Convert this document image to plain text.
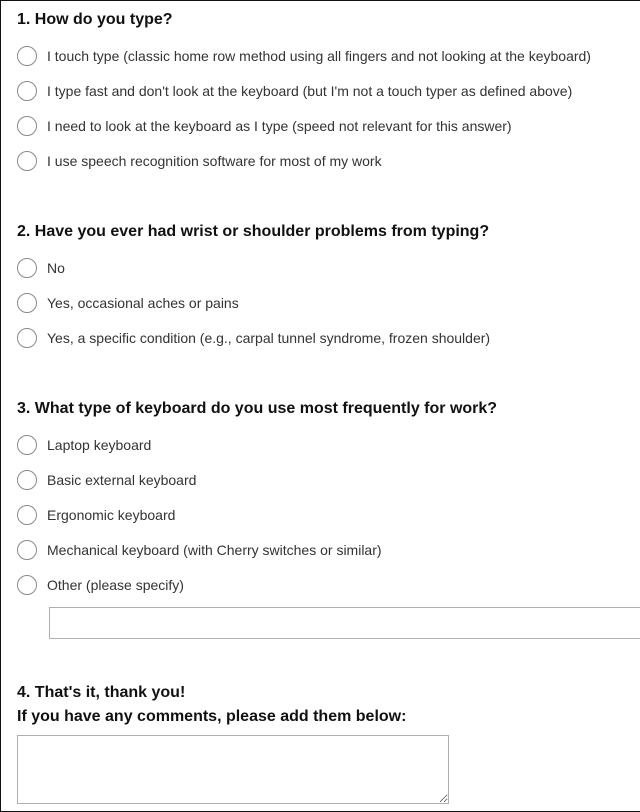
1. How do you type?
I touch type (classic home row method using all fingers and not looking at the keyboard)
I type fast and don't look at the keyboard (but I'm not a touch typer as defined above)
I need to look at the keyboard as I type (speed not relevant for this answer)
I use speech recognition software for most of my work
2. Have you ever had wrist or shoulder problems from typing?
No
Yes, occasional aches or pains
Yes, a specific condition (e.g., carpal tunnel syndrome, frozen shoulder)
3. What type of keyboard do you use most frequently for work?
Laptop keyboard
Basic external keyboard
Ergonomic keyboard
Mechanical keyboard (with Cherry switches or similar)
Other (please specify)
4. That's it, thank you!
If you have any comments, please add them below:
